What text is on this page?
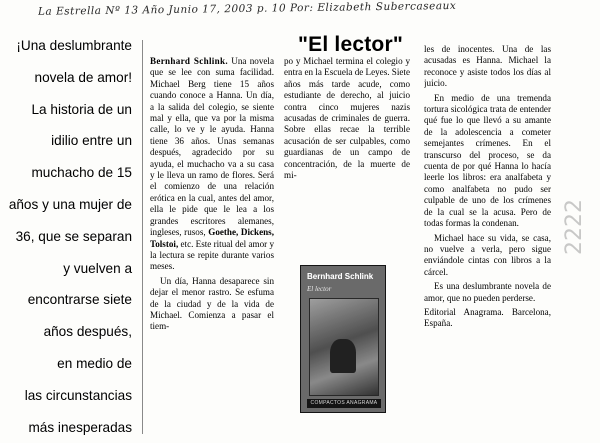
La Estrella Nº 13 Año Junio 17, 2003 p. 10 Por: Elizabeth Subercaseaux
¡Una deslumbrante
novela de amor!
La historia de un
idilio entre un
muchacho de 15
años y una mujer de
36, que se separan
y vuelven a
encontrarse siete
años después,
en medio de
las circunstancias
más inesperadas
"El lector"

Bernhard Schlink. Una novela que se lee con suma facilidad. Michael Berg tiene 15 años cuando conoce a Hanna. Un día, a la salida del colegio, se siente mal y ella, que va por la misma calle, lo ve y le ayuda. Hanna tiene 36 años. Unas semanas después, agradecido por su ayuda, el muchacho va a su casa y le lleva un ramo de flores. Será el comienzo de una relación erótica en la cual, antes del amor, ella le pide que le lea a los grandes escritores alemanes, ingleses, rusos, Goethe, Dickens, Tolstoi, etc. Este ritual del amor y la lectura se repite durante varios meses.

Un día, Hanna desaparece sin dejar el menor rastro. Se esfuma de la ciudad y de la vida de Michael. Comienza a pasar el tiem-

po y Michael termina el colegio y entra en la Escuela de Leyes. Siete años más tarde acude, como estudiante de derecho, al juicio contra cinco mujeres nazis acusadas de criminales de guerra. Sobre ellas recae la terrible acusación de ser culpables, como guardianas de un campo de concentración, de la muerte de mi-

Bernhard Schlink
El lector
COMPACTOS ANAGRAMA

les de inocentes. Una de las acusadas es Hanna. Michael la reconoce y asiste todos los días al juicio.

En medio de una tremenda tortura sicológica trata de entender qué fue lo que llevó a su amante de la adolescencia a cometer semejantes crímenes. En el transcurso del proceso, se da cuenta de por qué Hanna lo hacía leerle los libros: era analfabeta y como analfabeta no pudo ser culpable de uno de los crímenes de la cual se la acusa. Pero de todas formas la condenan.

Michael hace su vida, se casa, no vuelve a verla, pero sigue enviándole cintas con libros a la cárcel.

Es una deslumbrante novela de amor, que no pueden perderse.

Editorial Anagrama. Barcelona, España.

2222
